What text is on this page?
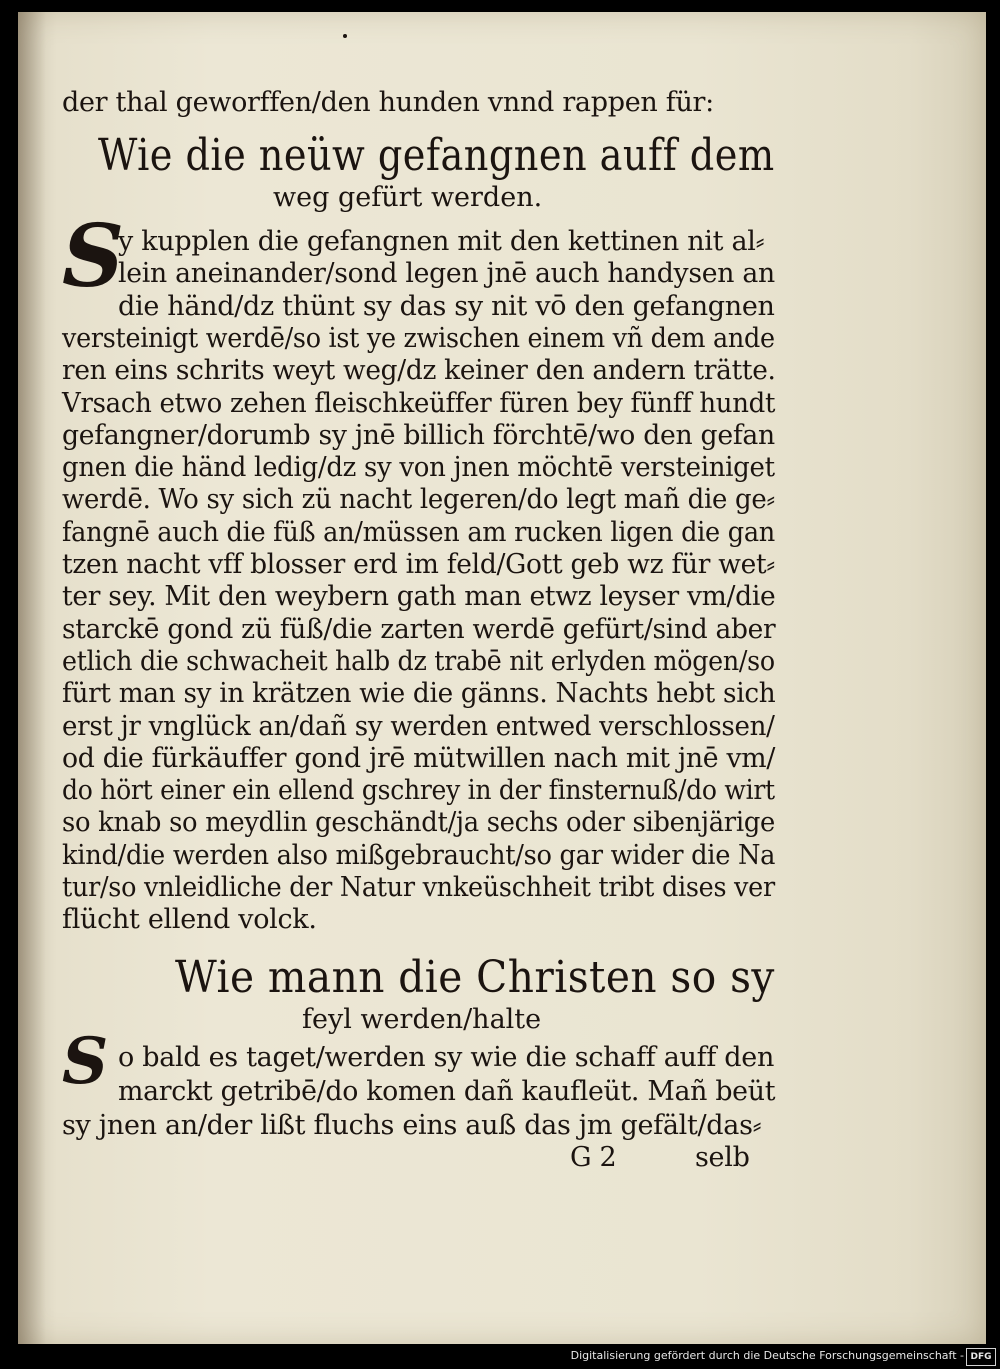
der thal geworffen/den hunden vnnd rappen für:
Wie die neüw gefangnen auff dem
weg gefürt werden.
S
y kupplen die gefangnen mit den kettinen nit al⸗
lein aneinander/sond legen jnē auch handysen an
die händ/dz thünt sy das sy nit vō den gefangnen
versteinigt werdē/so ist ye zwischen einem vñ dem ande
ren eins schrits weyt weg/dz keiner den andern trätte.
Vrsach etwo zehen fleischkeüffer füren bey fünff hundt
gefangner/dorumb sy jnē billich förchtē/wo den gefan
gnen die händ ledig/dz sy von jnen möchtē versteiniget
werdē. Wo sy sich zü nacht legeren/do legt mañ die ge⸗
fangnē auch die füß an/müssen am rucken ligen die gan
tzen nacht vff blosser erd im feld/Gott geb wz für wet⸗
ter sey. Mit den weybern gath man etwz leyser vm/die
starckē gond zü füß/die zarten werdē gefürt/sind aber
etlich die schwacheit halb dz trabē nit erlyden mögen/so
fürt man sy in krätzen wie die gänns. Nachts hebt sich
erst jr vnglück an/dañ sy werden entwed verschlossen/
od die fürkäuffer gond jrē mütwillen nach mit jnē vm/
do hört einer ein ellend gschrey in der finsternuß/do wirt
so knab so meydlin geschändt/ja sechs oder sibenjärige
kind/die werden also mißgebraucht/so gar wider die Na
tur/so vnleidliche der Natur vnkeüschheit tribt dises ver
flücht ellend volck.
Wie mann die Christen so sy
feyl werden/halte
S o bald es taget/werden sy wie die schaff auff den
marckt getribē/do komen dañ kaufleüt. Mañ beüt
sy jnen an/der lißt fluchs eins auß das jm gefält/das⸗
G 2	selb
Digitalisierung gefördert durch die Deutsche Forschungsgemeinschaft - DFG
